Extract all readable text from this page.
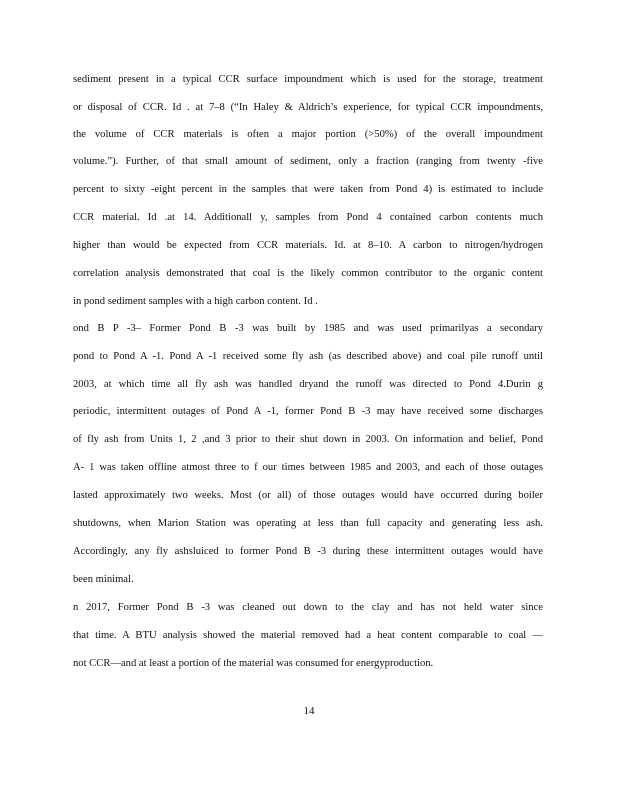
sediment present in a typical CCR surface impoundment which is used for the storage, treatment
or disposal of CCR. Id . at 7–8 (“In Haley & Aldrich’s experience, for typical CCR impoundments,
the volume of CCR materials is often a major portion (>50%) of the overall impoundment
volume.”). Further, of that small amount of sediment, only a fraction (ranging from twenty -five
percent to sixty -eight percent in the samples that were taken from Pond 4) is estimated to include
CCR material. Id .at 14. Additionall y, samples from Pond 4 contained carbon contents much
higher than would be expected from CCR materials. Id. at 8–10. A carbon to nitrogen/hydrogen
correlation analysis demonstrated that coal is the likely common contributor to the organic content
in pond sediment samples with a high carbon content. Id .
ond B P -3– Former Pond B -3 was built by 1985 and was used primarilyas a secondary
pond to Pond A -1. Pond A -1 received some fly ash (as described above) and coal pile runoff until
2003, at which time all fly ash was handled dryand the runoff was directed to Pond 4.Durin g
periodic, intermittent outages of Pond A -1, former Pond B -3 may have received some discharges
of fly ash from Units 1, 2 ,and 3 prior to their shut down in 2003. On information and belief, Pond
A- 1 was taken offline atmost three to f our times between 1985 and 2003, and each of those outages
lasted approximately two weeks. Most (or all) of those outages would have occurred during boiler
shutdowns, when Marion Station was operating at less than full capacity and generating less ash.
Accordingly, any fly ashsluiced to former Pond B -3 during these intermittent outages would have
been minimal.
n 2017, Former Pond B -3 was cleaned out down to the clay and has not held water since
that time. A BTU analysis showed the material removed had a heat content comparable to coal —
not CCR—and at least a portion of the material was consumed for energyproduction.
14
